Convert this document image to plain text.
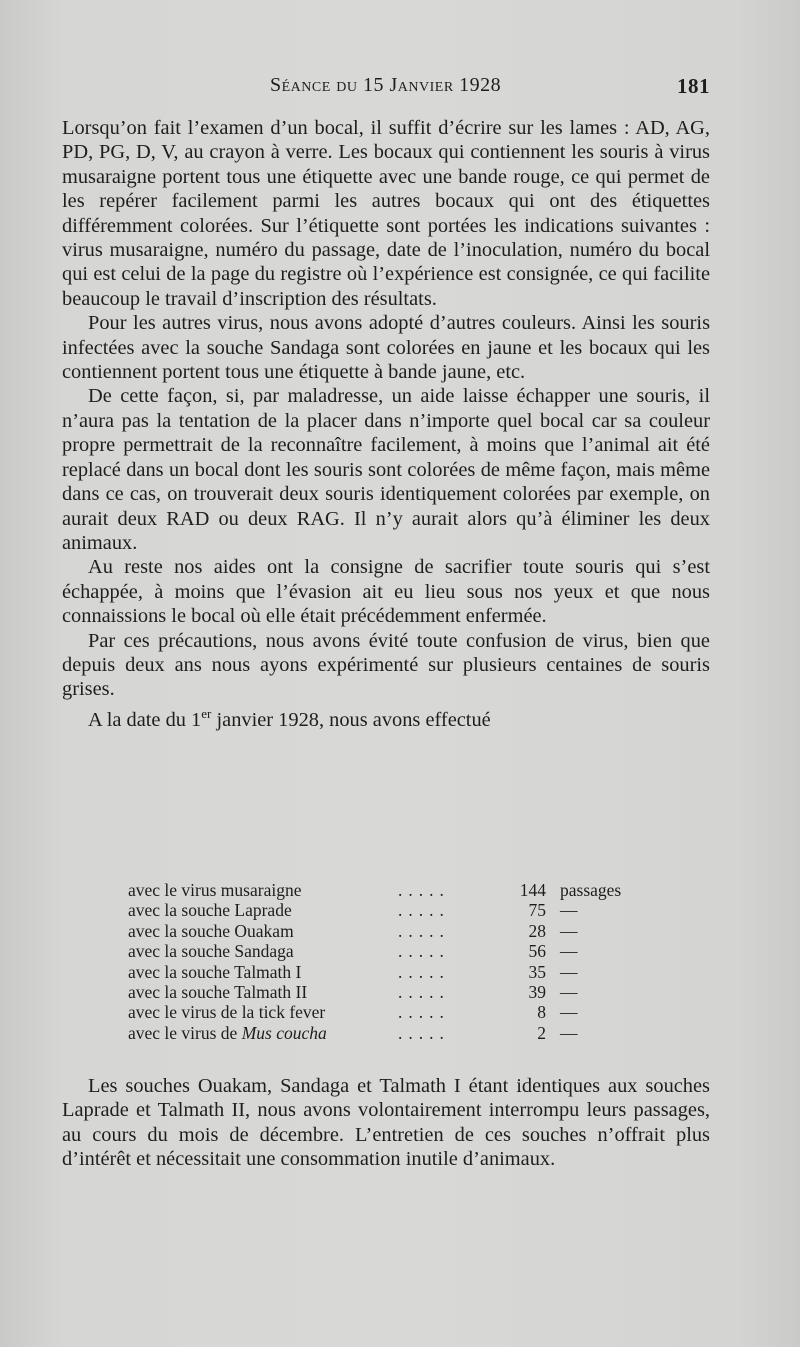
Séance du 15 Janvier 1928	181

Lorsqu’on fait l’examen d’un bocal, il suffit d’écrire sur les lames : AD, AG, PD, PG, D, V, au crayon à verre. Les bocaux qui contiennent les souris à virus musaraigne portent tous une étiquette avec une bande rouge, ce qui permet de les repérer facilement parmi les autres bocaux qui ont des étiquettes différemment colorées. Sur l’étiquette sont portées les indications suivantes : virus musaraigne, numéro du passage, date de l’inoculation, numéro du bocal qui est celui de la page du registre où l’expérience est consignée, ce qui facilite beaucoup le travail d’inscription des résultats.

Pour les autres virus, nous avons adopté d’autres couleurs. Ainsi les souris infectées avec la souche Sandaga sont colorées en jaune et les bocaux qui les contiennent portent tous une étiquette à bande jaune, etc.

De cette façon, si, par maladresse, un aide laisse échapper une souris, il n’aura pas la tentation de la placer dans n’importe quel bocal car sa couleur propre permettrait de la reconnaître facilement, à moins que l’animal ait été replacé dans un bocal dont les souris sont colorées de même façon, mais même dans ce cas, on trouverait deux souris identiquement colorées par exemple, on aurait deux RAD ou deux RAG. Il n’y aurait alors qu’à éliminer les deux animaux.

Au reste nos aides ont la consigne de sacrifier toute souris qui s’est échappée, à moins que l’évasion ait eu lieu sous nos yeux et que nous connaissions le bocal où elle était précédemment enfermée.

Par ces précautions, nous avons évité toute confusion de virus, bien que depuis deux ans nous ayons expérimenté sur plusieurs centaines de souris grises.

A la date du 1er janvier 1928, nous avons effectué

avec le virus musaraigne	.....	144	passages
avec la souche Laprade	.....	75	—
avec la souche Ouakam	.....	28	—
avec la souche Sandaga	.....	56	—
avec la souche Talmath I	.....	35	—
avec la souche Talmath II	.....	39	—
avec le virus de la tick fever	.....	8	—
avec le virus de Mus coucha	.....	2	—

Les souches Ouakam, Sandaga et Talmath I étant identiques aux souches Laprade et Talmath II, nous avons volontairement interrompu leurs passages, au cours du mois de décembre. L’entretien de ces souches n’offrait plus d’intérêt et nécessitait une consommation inutile d’animaux.
